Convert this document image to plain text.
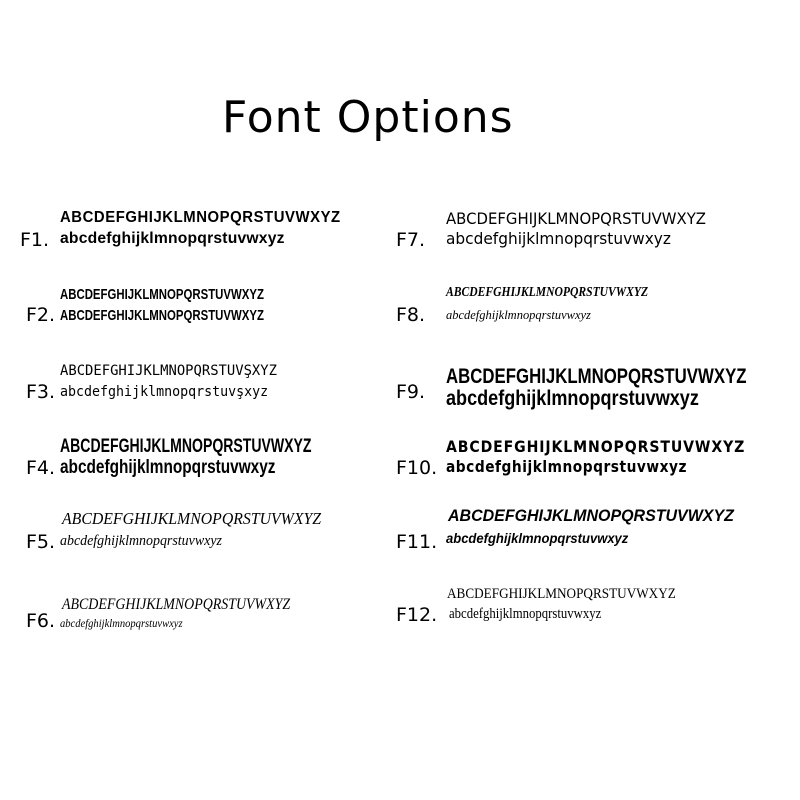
Font Options
F1.
ABCDEFGHIJKLMNOPQRSTUVWXYZ
abcdefghijklmnopqrstuvwxyz
F2.
ABCDEFGHIJKLMNOPQRSTUVWXYZ
ABCDEFGHIJKLMNOPQRSTUVWXYZ
F3.
ABCDEFGHIJKLMNOPQRSTUVŞXYZ
abcdefghijklmnopqrstuvşxyz
F4.
ABCDEFGHIJKLMNOPQRSTUVWXYZ
abcdefghijklmnopqrstuvwxyz
F5.
ABCDEFGHIJKLMNOPQRSTUVWXYZ
abcdefghijklmnopqrstuvwxyz
F6.
ABCDEFGHIJKLMNOPQRSTUVWXYZ
abcdefghijklmnopqrstuvwxyz
F7.
ABCDEFGHIJKLMNOPQRSTUVWXYZ
abcdefghijklmnopqrstuvwxyz
F8.
ABCDEFGHIJKLMNOPQRSTUVWXYZ
abcdefghijklmnopqrstuvwxyz
F9.
ABCDEFGHIJKLMNOPQRSTUVWXYZ
abcdefghijklmnopqrstuvwxyz
F10.
ABCDEFGHIJKLMNOPQRSTUVWXYZ
abcdefghijklmnopqrstuvwxyz
F11.
ABCDEFGHIJKLMNOPQRSTUVWXYZ
abcdefghijklmnopqrstuvwxyz
F12.
ABCDEFGHIJKLMNOPQRSTUVWXYZ
abcdefghijklmnopqrstuvwxyz
